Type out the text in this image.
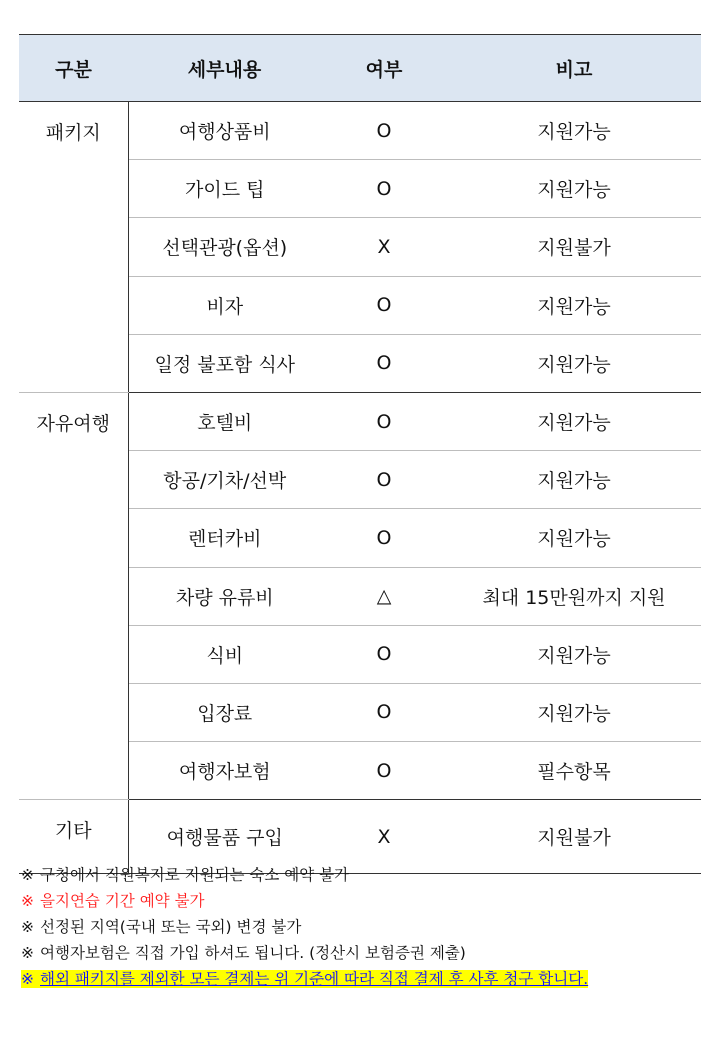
구분	세부내용	여부	비고
패키지	여행상품비	O	지원가능
	가이드 팁	O	지원가능
	선택관광(옵션)	X	지원불가
	비자	O	지원가능
	일정 불포함 식사	O	지원가능
자유여행	호텔비	O	지원가능
	항공/기차/선박	O	지원가능
	렌터카비	O	지원가능
	차량 유류비	△	최대 15만원까지 지원
	식비	O	지원가능
	입장료	O	지원가능
	여행자보험	O	필수항목
기타	여행물품 구입	X	지원불가
※ 구청에서 직원복지로 지원되는 숙소 예약 불가
※ 을지연습 기간 예약 불가
※ 선정된 지역(국내 또는 국외) 변경 불가
※ 여행자보험은 직접 가입 하셔도 됩니다. (정산시 보험증권 제출)
※ 해외 패키지를 제외한 모든 결제는 위 기준에 따라 직접 결제 후 사후 청구 합니다.
